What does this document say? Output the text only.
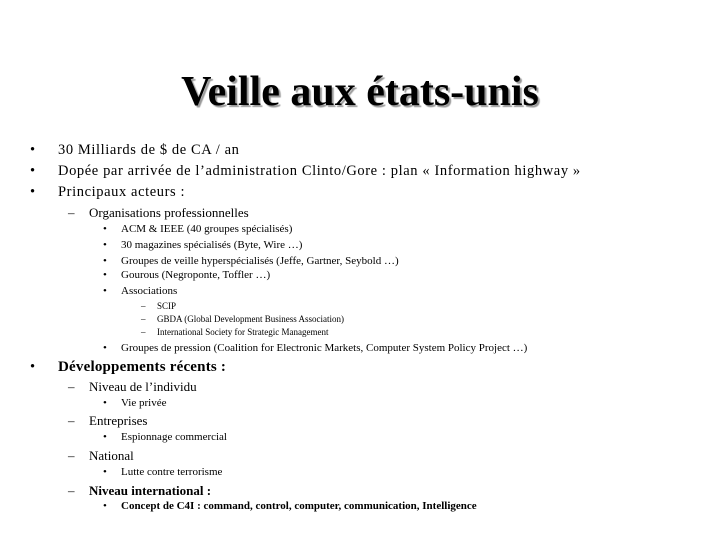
Veille aux états-unis
• 30 Milliards de $ de CA / an
• Dopée par arrivée de l’administration Clinto/Gore : plan « Information highway »
• Principaux acteurs :
– Organisations professionnelles
• ACM & IEEE (40 groupes spécialisés)
• 30 magazines spécialisés (Byte, Wire …)
• Groupes de veille hyperspécialisés (Jeffe, Gartner, Seybold …)
• Gourous (Negroponte, Toffler …)
• Associations
– SCIP
– GBDA (Global Development Business Association)
– International Society for Strategic Management
• Groupes de pression (Coalition for Electronic Markets, Computer System Policy Project …)
• Développements récents :
– Niveau de l’individu
• Vie privée
– Entreprises
• Espionnage commercial
– National
• Lutte contre terrorisme
– Niveau international :
• Concept de C4I : command, control, computer, communication, Intelligence
